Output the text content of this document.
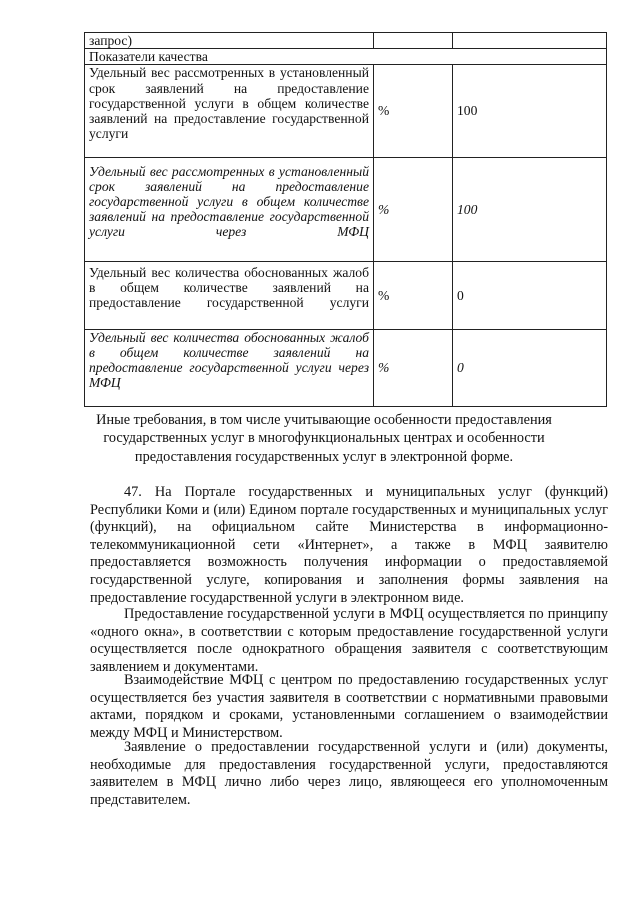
запрос)		
Показатели качества		

Удельный вес рассмотренных в установленный срок заявлений на предоставление государственной услуги в общем количестве заявлений на предоставление государственной услуги	%	100

Удельный вес рассмотренных в установленный срок заявлений на предоставление государственной услуги в общем количестве заявлений на предоставление государственной услуги через МФЦ	%	100

Удельный вес количества обоснованных жалоб в общем количестве заявлений на предоставление государственной услуги	%	0

Удельный вес количества обоснованных жалоб в общем количестве заявлений на предоставление государственной услуги через МФЦ	%	0
Иные требования, в том числе учитывающие особенности предоставления государственных услуг в многофункциональных центрах и особенности предоставления государственных услуг в электронной форме.
47. На Портале государственных и муниципальных услуг (функций) Республики Коми и (или) Едином портале государственных и муниципальных услуг (функций), на официальном сайте Министерства в информационно-телекоммуникационной сети «Интернет», а также в МФЦ заявителю предоставляется возможность получения информации о предоставляемой государственной услуге, копирования и заполнения формы заявления на предоставление государственной услуги в электронном виде.
Предоставление государственной услуги в МФЦ осуществляется по принципу «одного окна», в соответствии с которым предоставление государственной услуги осуществляется после однократного обращения заявителя с соответствующим заявлением и документами.
Взаимодействие МФЦ с центром по предоставлению государственных услуг осуществляется без участия заявителя в соответствии с нормативными правовыми актами, порядком и сроками, установленными соглашением о взаимодействии между МФЦ и Министерством.
Заявление о предоставлении государственной услуги и (или) документы, необходимые для предоставления государственной услуги, предоставляются заявителем в МФЦ лично либо через лицо, являющееся его уполномоченным представителем.
